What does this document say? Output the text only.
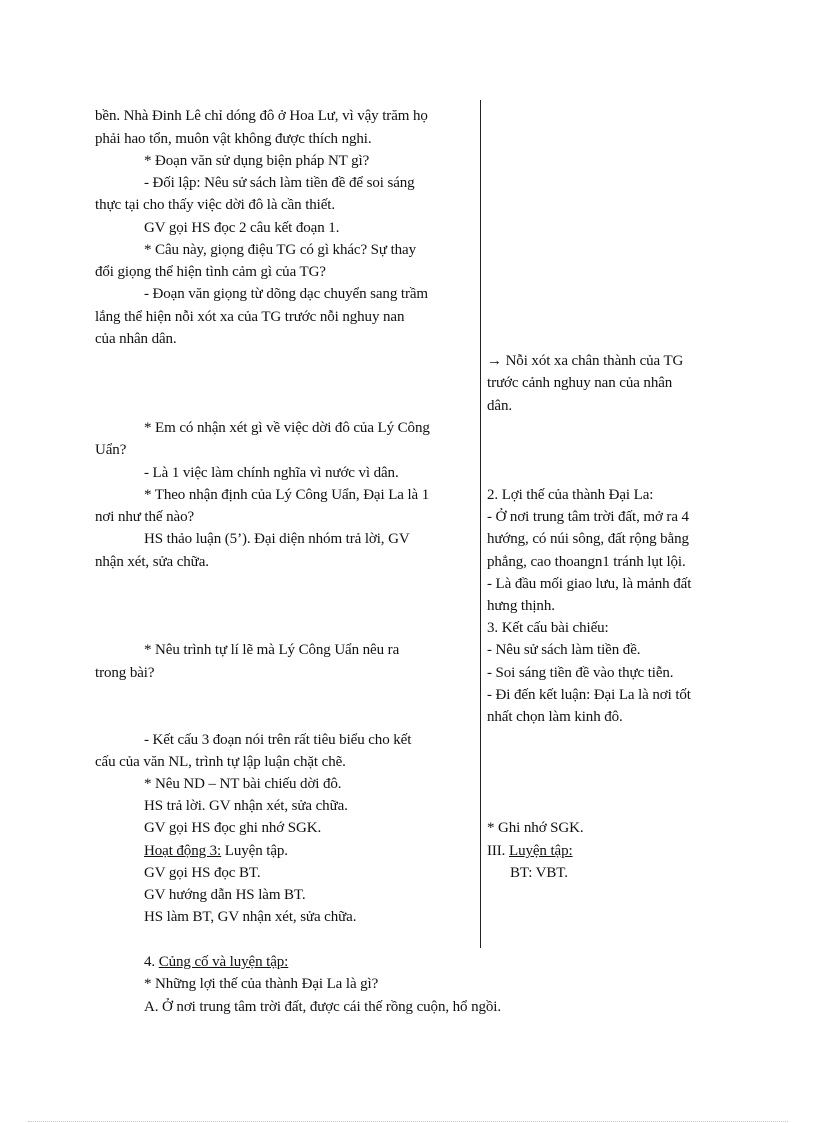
bền. Nhà Đinh Lê chỉ dóng đô ở Hoa Lư, vì vậy trăm họ
phải hao tổn, muôn vật không được thích nghi.
* Đoạn văn sử dụng biện pháp NT gì?
- Đối lập: Nêu sử sách làm tiền đề để soi sáng
thực tại cho thấy việc dời đô là cần thiết.
GV gọi HS đọc 2 câu kết đoạn 1.
* Câu này, giọng điệu TG có gì khác? Sự thay
đổi giọng thể hiện tình cảm gì của TG?
- Đoạn văn giọng từ dõng dạc chuyển sang trầm
lắng thể hiện nỗi xót xa của TG trước nỗi nghuy nan
của nhân dân.
* Em có nhận xét gì về việc dời đô của Lý Công
Uẩn?
- Là 1 việc làm chính nghĩa vì nước vì dân.
* Theo nhận định của Lý Công Uẩn, Đại La là 1
nơi như thế nào?
HS thảo luận (5’). Đại diện nhóm trả lời, GV
nhận xét, sửa chữa.
* Nêu trình tự lí lẽ mà Lý Công Uẩn nêu ra
trong bài?
- Kết cấu 3 đoạn nói trên rất tiêu biểu cho kết
cấu của văn NL, trình tự lập luận chặt chẽ.
* Nêu ND – NT bài chiếu dời đô.
HS trả lời. GV nhận xét, sửa chữa.
GV gọi HS đọc ghi nhớ SGK.
Hoạt động 3: Luyện tập.
GV gọi HS đọc BT.
GV hướng dẫn HS làm BT.
HS làm BT, GV nhận xét, sửa chữa.
→ Nỗi xót xa chân thành của TG
trước cảnh nghuy nan của nhân
dân.
2. Lợi thế của thành Đại La:
- Ở nơi trung tâm trời đất, mở ra 4
hướng, có núi sông, đất rộng bằng
phẳng, cao thoangn1 tránh lụt lội.
- Là đầu mối giao lưu, là mảnh đất
hưng thịnh.
3. Kết cấu bài chiếu:
- Nêu sử sách làm tiền đề.
- Soi sáng tiền đề vào thực tiễn.
- Đi đến kết luận: Đại La là nơi tốt
nhất chọn làm kinh đô.
* Ghi nhớ SGK.
III. Luyện tập:
BT: VBT.
4. Củng cố và luyện tập:
* Những lợi thế của thành Đại La là gì?
A. Ở nơi trung tâm trời đất, được cái thế rồng cuộn, hổ ngồi.
